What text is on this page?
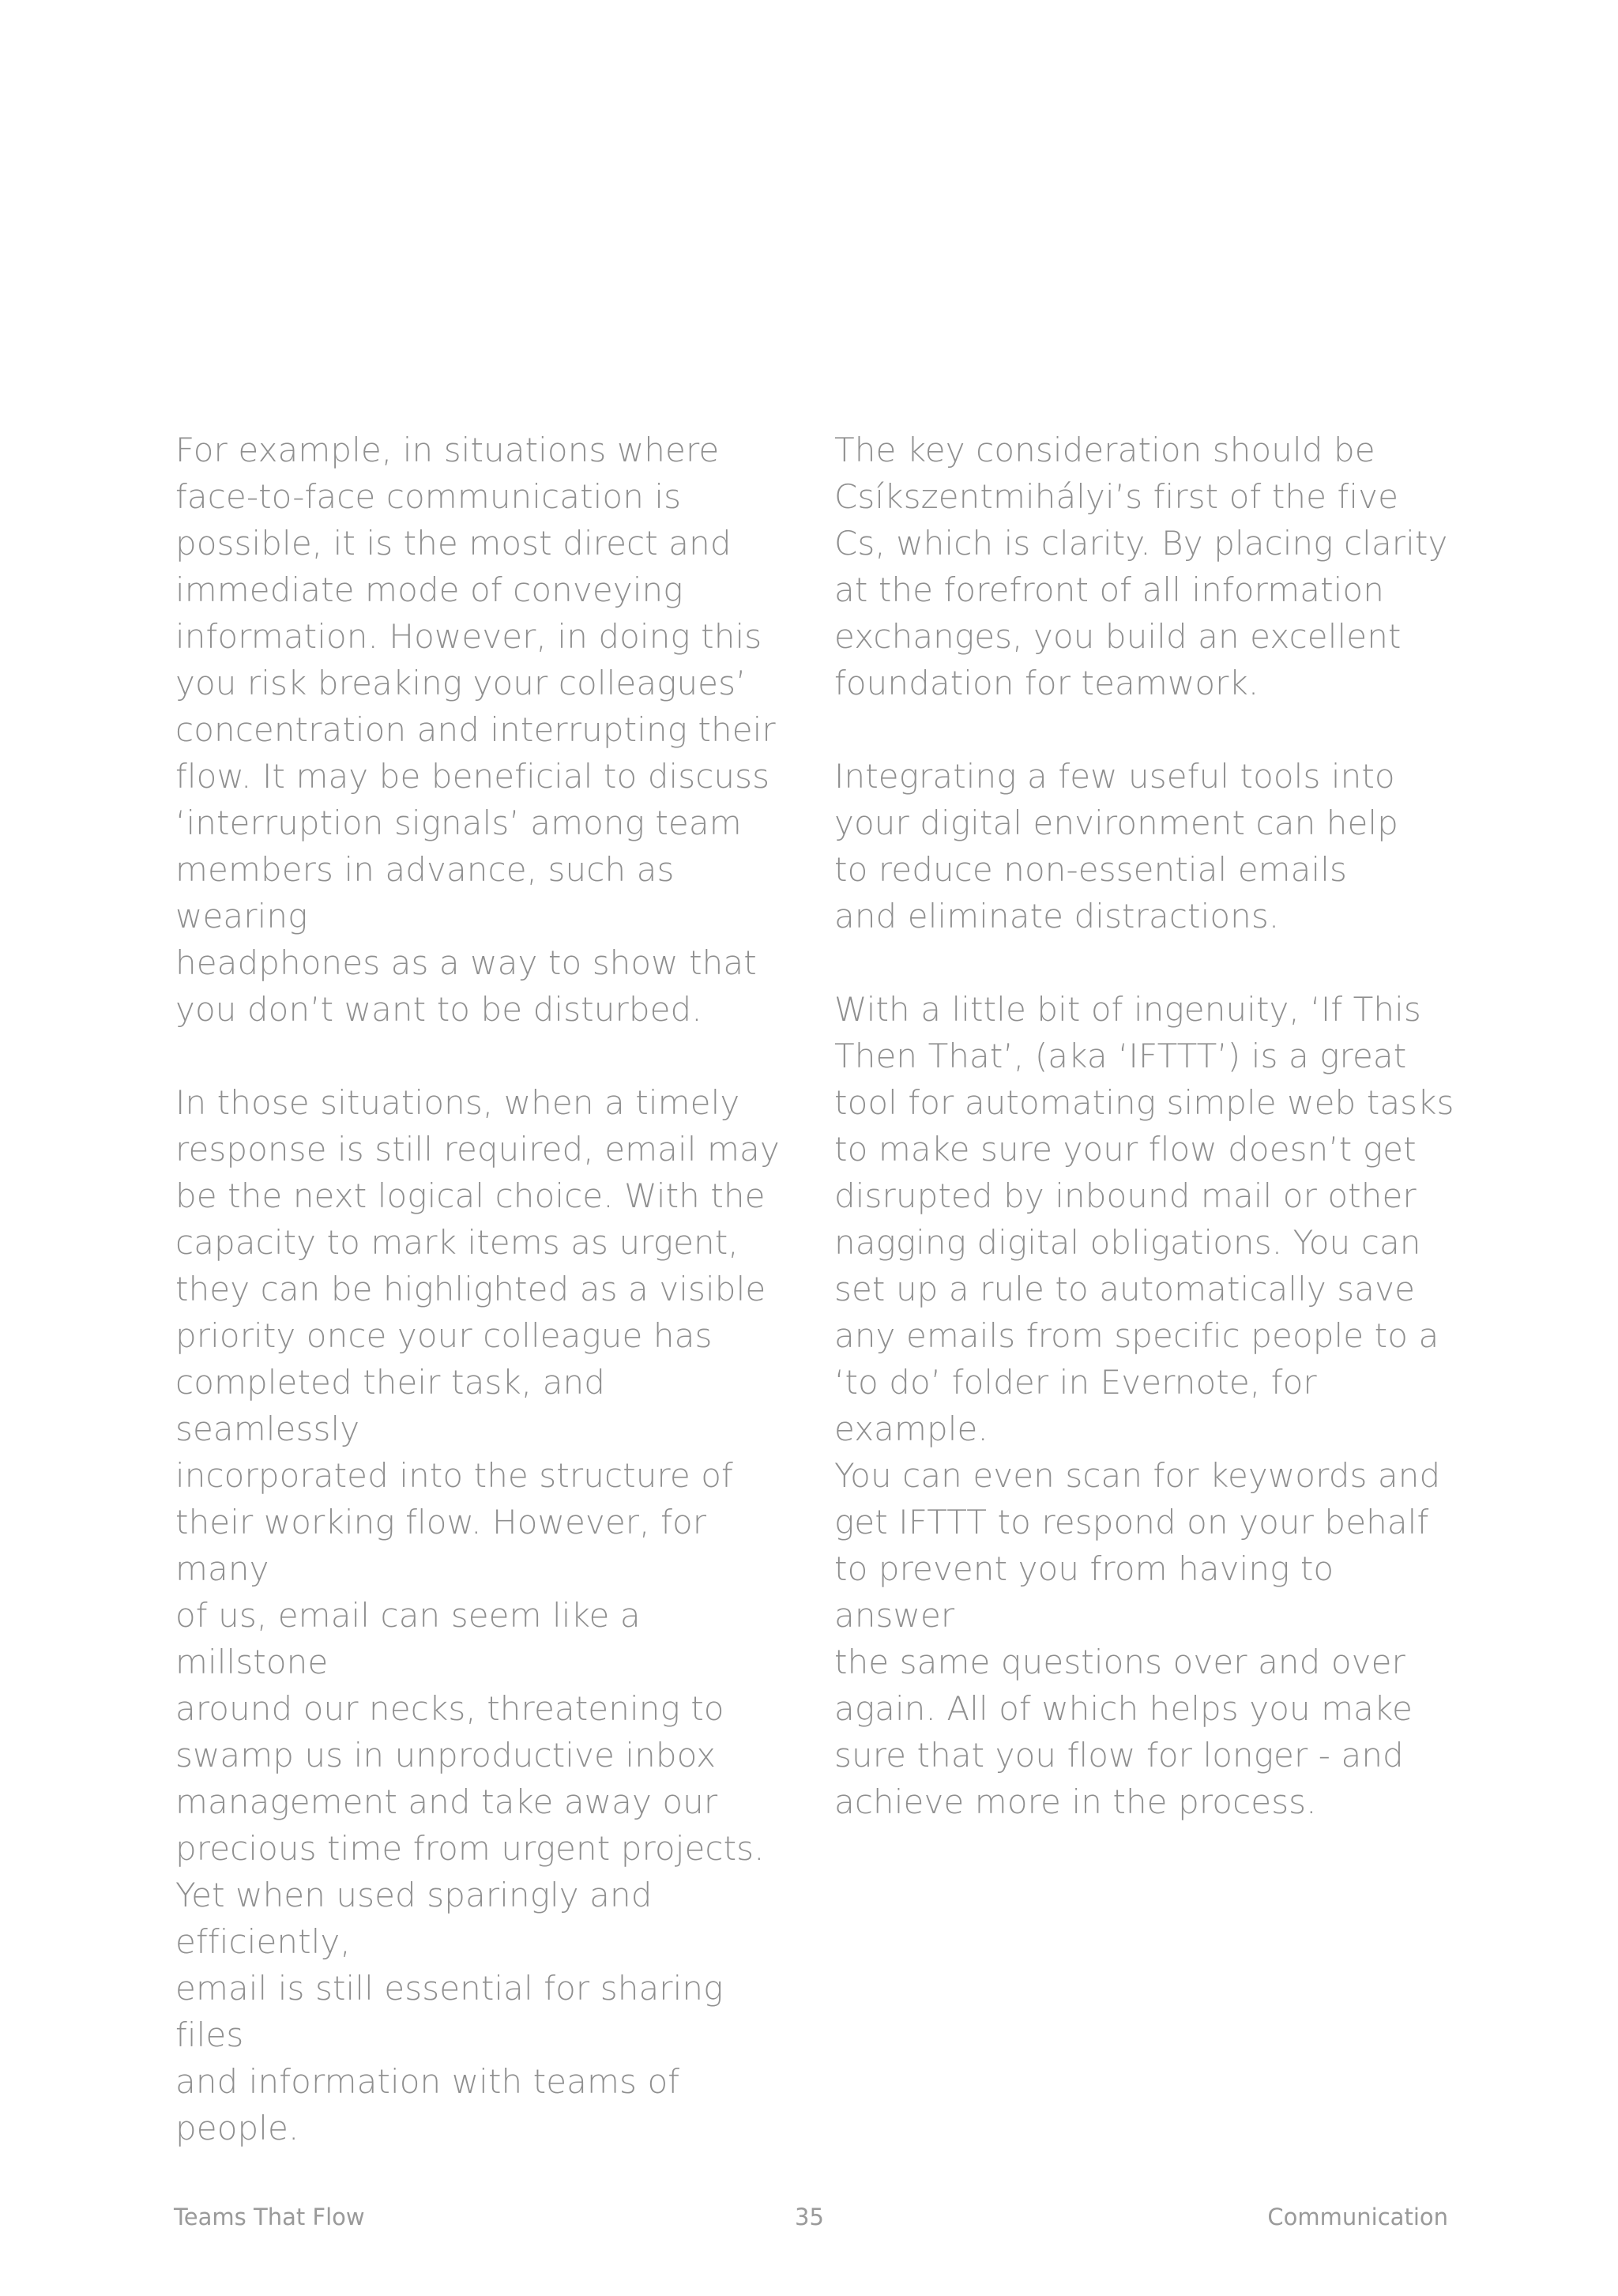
For example, in situations where
face-to-face communication is
possible, it is the most direct and
immediate mode of conveying
information. However, in doing this
you risk breaking your colleagues’
concentration and interrupting their
flow. It may be beneficial to discuss
‘interruption signals’ among team
members in advance, such as wearing
headphones as a way to show that
you don’t want to be disturbed.

In those situations, when a timely
response is still required, email may
be the next logical choice. With the
capacity to mark items as urgent,
they can be highlighted as a visible
priority once your colleague has
completed their task, and seamlessly
incorporated into the structure of
their working flow. However, for many
of us, email can seem like a millstone
around our necks, threatening to
swamp us in unproductive inbox
management and take away our
precious time from urgent projects.
Yet when used sparingly and efficiently,
email is still essential for sharing files
and information with teams of people.

The key consideration should be
Csíkszentmihályi’s first of the five
Cs, which is clarity. By placing clarity
at the forefront of all information
exchanges, you build an excellent
foundation for teamwork.

Integrating a few useful tools into
your digital environment can help
to reduce non-essential emails
and eliminate distractions.

With a little bit of ingenuity, ‘If This
Then That’, (aka ‘IFTTT’) is a great
tool for automating simple web tasks
to make sure your flow doesn’t get
disrupted by inbound mail or other
nagging digital obligations. You can
set up a rule to automatically save
any emails from specific people to a
‘to do’ folder in Evernote, for example.
You can even scan for keywords and
get IFTTT to respond on your behalf
to prevent you from having to answer
the same questions over and over
again. All of which helps you make
sure that you flow for longer - and
achieve more in the process.

Teams That Flow	35	Communication
